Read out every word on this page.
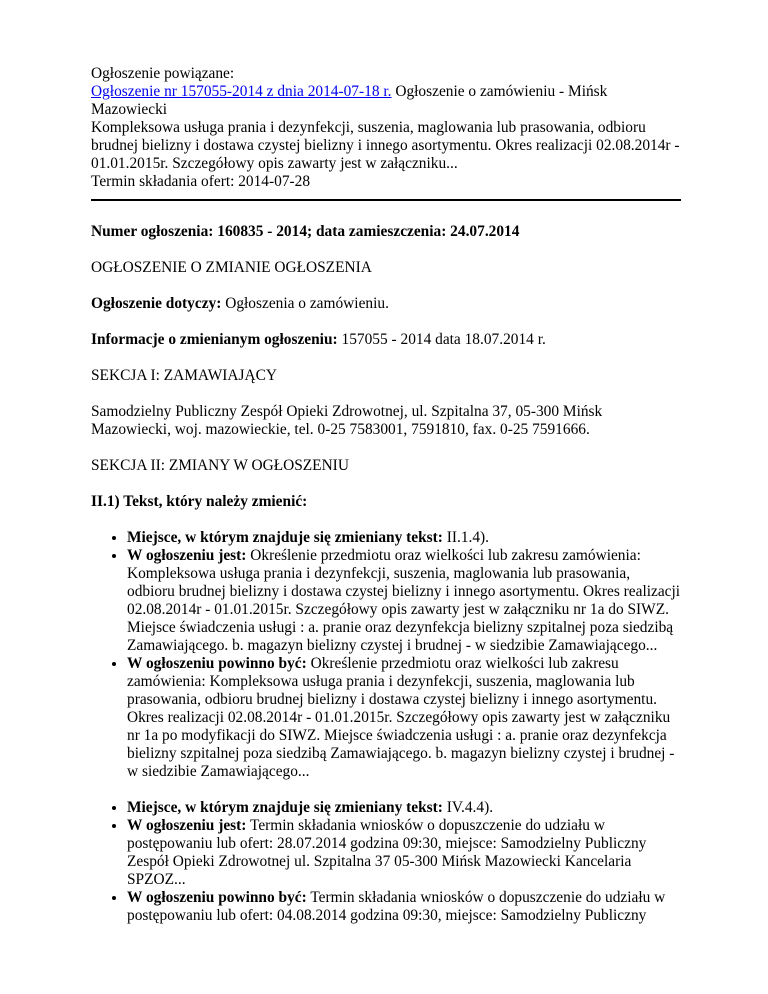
Ogłoszenie powiązane:

Ogłoszenie nr 157055-2014 z dnia 2014-07-18 r. Ogłoszenie o zamówieniu - Mińsk Mazowiecki

Kompleksowa usługa prania i dezynfekcji, suszenia, maglowania lub prasowania, odbioru brudnej bielizny i dostawa czystej bielizny i innego asortymentu. Okres realizacji 02.08.2014r - 01.01.2015r. Szczegółowy opis zawarty jest w załączniku...

Termin składania ofert: 2014-07-28

Numer ogłoszenia: 160835 - 2014; data zamieszczenia: 24.07.2014

OGŁOSZENIE O ZMIANIE OGŁOSZENIA

Ogłoszenie dotyczy: Ogłoszenia o zamówieniu.

Informacje o zmienianym ogłoszeniu: 157055 - 2014 data 18.07.2014 r.

SEKCJA I: ZAMAWIAJĄCY

Samodzielny Publiczny Zespół Opieki Zdrowotnej, ul. Szpitalna 37, 05-300 Mińsk Mazowiecki, woj. mazowieckie, tel. 0-25 7583001, 7591810, fax. 0-25 7591666.

SEKCJA II: ZMIANY W OGŁOSZENIU

II.1) Tekst, który należy zmienić:

• Miejsce, w którym znajduje się zmieniany tekst: II.1.4).
• W ogłoszeniu jest: Określenie przedmiotu oraz wielkości lub zakresu zamówienia: Kompleksowa usługa prania i dezynfekcji, suszenia, maglowania lub prasowania, odbioru brudnej bielizny i dostawa czystej bielizny i innego asortymentu. Okres realizacji 02.08.2014r - 01.01.2015r. Szczegółowy opis zawarty jest w załączniku nr 1a do SIWZ. Miejsce świadczenia usługi : a. pranie oraz dezynfekcja bielizny szpitalnej poza siedzibą Zamawiającego. b. magazyn bielizny czystej i brudnej - w siedzibie Zamawiającego...
• W ogłoszeniu powinno być: Określenie przedmiotu oraz wielkości lub zakresu zamówienia: Kompleksowa usługa prania i dezynfekcji, suszenia, maglowania lub prasowania, odbioru brudnej bielizny i dostawa czystej bielizny i innego asortymentu. Okres realizacji 02.08.2014r - 01.01.2015r. Szczegółowy opis zawarty jest w załączniku nr 1a po modyfikacji do SIWZ. Miejsce świadczenia usługi : a. pranie oraz dezynfekcja bielizny szpitalnej poza siedzibą Zamawiającego. b. magazyn bielizny czystej i brudnej - w siedzibie Zamawiającego...
• Miejsce, w którym znajduje się zmieniany tekst: IV.4.4).
• W ogłoszeniu jest: Termin składania wniosków o dopuszczenie do udziału w postępowaniu lub ofert: 28.07.2014 godzina 09:30, miejsce: Samodzielny Publiczny Zespół Opieki Zdrowotnej ul. Szpitalna 37 05-300 Mińsk Mazowiecki Kancelaria SPZOZ...
• W ogłoszeniu powinno być: Termin składania wniosków o dopuszczenie do udziału w postępowaniu lub ofert: 04.08.2014 godzina 09:30, miejsce: Samodzielny Publiczny
